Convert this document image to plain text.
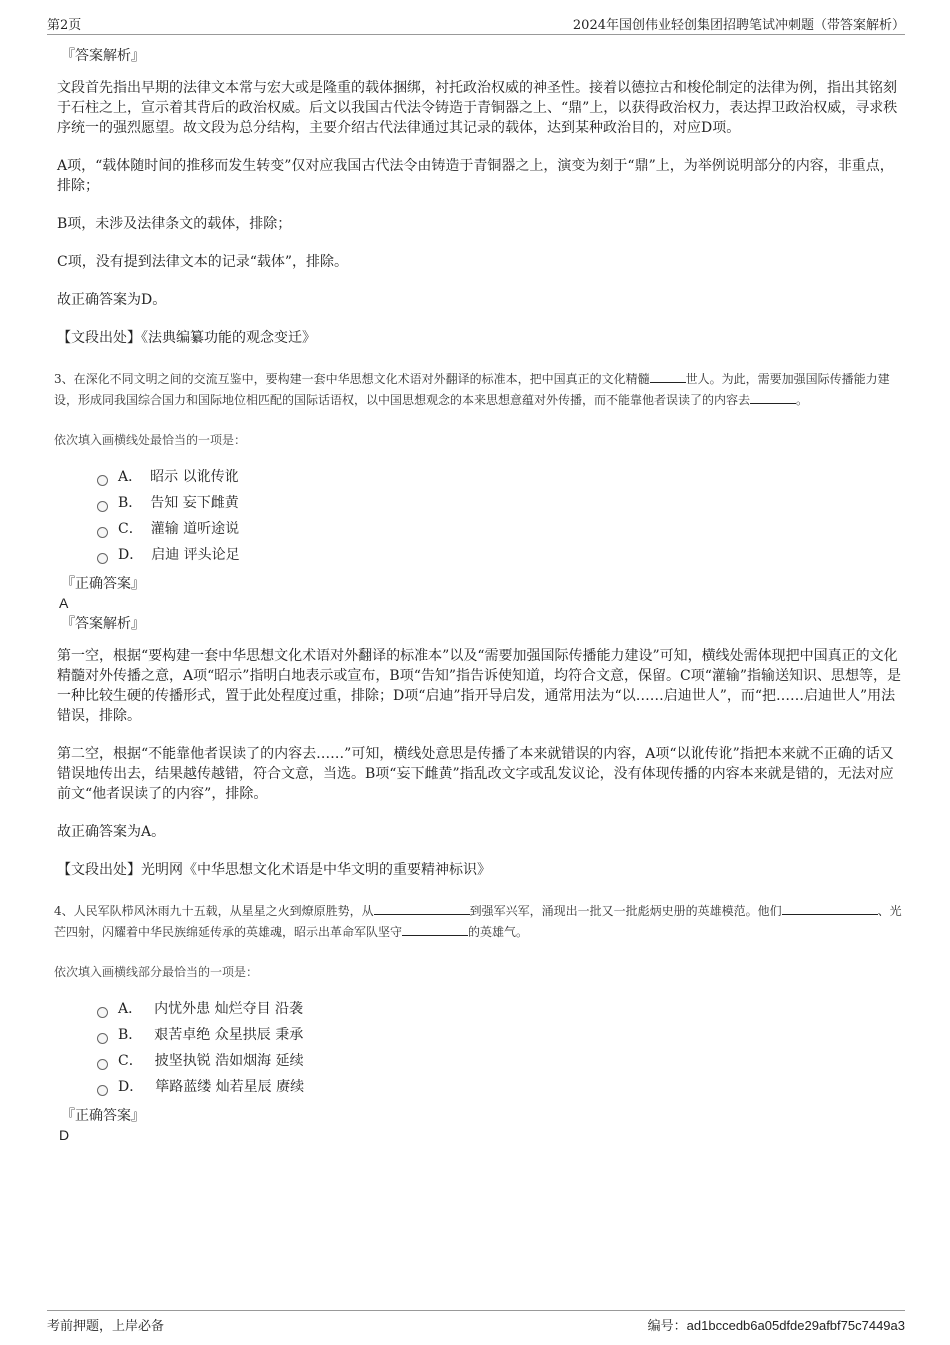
第2页	2024年国创伟业轻创集团招聘笔试冲刺题（带答案解析）
『答案解析』

文段首先指出早期的法律文本常与宏大或是隆重的载体捆绑，衬托政治权威的神圣性。接着以德拉古和梭伦制定的法律为例，指出其铭刻于石柱之上，宣示着其背后的政治权威。后文以我国古代法令铸造于青铜器之上、“鼎”上，以获得政治权力，表达捍卫政治权威，寻求秩序统一的强烈愿望。故文段为总分结构，主要介绍古代法律通过其记录的载体，达到某种政治目的，对应D项。

A项，“载体随时间的推移而发生转变”仅对应我国古代法令由铸造于青铜器之上，演变为刻于“鼎”上，为举例说明部分的内容，非重点，排除；

B项，未涉及法律条文的载体，排除；

C项，没有提到法律文本的记录“载体”，排除。

故正确答案为D。

【文段出处】《法典编纂功能的观念变迁》

3、在深化不同文明之间的交流互鉴中，要构建一套中华思想文化术语对外翻译的标准本，把中国真正的文化精髓	世人。为此，需要加强国际传播能力建设，形成同我国综合国力和国际地位相匹配的国际话语权，以中国思想观念的本来思想意蕴对外传播，而不能靠他者误读了的内容去	。

依次填入画横线处最恰当的一项是：

A． 昭示 以讹传讹
B． 告知 妄下雌黄
C． 灌输 道听途说
D． 启迪 评头论足
『正确答案』
A
『答案解析』

第一空，根据“要构建一套中华思想文化术语对外翻译的标准本”以及“需要加强国际传播能力建设”可知，横线处需体现把中国真正的文化精髓对外传播之意，A项“昭示”指明白地表示或宣布，B项“告知”指告诉使知道，均符合文意，保留。C项“灌输”指输送知识、思想等，是一种比较生硬的传播形式，置于此处程度过重，排除；D项“启迪”指开导启发，通常用法为“以……启迪世人”，而“把……启迪世人”用法错误，排除。

第二空，根据“不能靠他者误读了的内容去……”可知，横线处意思是传播了本来就错误的内容，A项“以讹传讹”指把本来就不正确的话又错误地传出去，结果越传越错，符合文意，当选。B项“妄下雌黄”指乱改文字或乱发议论，没有体现传播的内容本来就是错的，无法对应前文“他者误读了的内容”，排除。

故正确答案为A。

【文段出处】光明网《中华思想文化术语是中华文明的重要精神标识》

4、人民军队栉风沐雨九十五载，从星星之火到燎原胜势，从	到强军兴军，涌现出一批又一批彪炳史册的英雄模范。他们	、光芒四射，闪耀着中华民族绵延传承的英雄魂，昭示出革命军队坚守	的英雄气。

依次填入画横线部分最恰当的一项是：

A． 内忧外患 灿烂夺目 沿袭
B． 艰苦卓绝 众星拱辰 秉承
C． 披坚执锐 浩如烟海 延续
D． 筚路蓝缕 灿若星辰 赓续
『正确答案』
D
考前押题，上岸必备	编号：ad1bccedb6a05dfde29afbf75c7449a3
